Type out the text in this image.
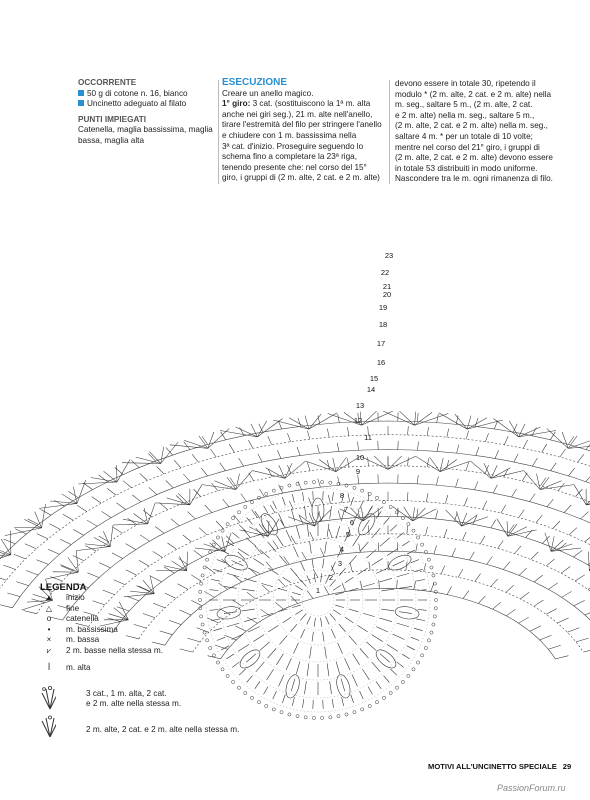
OCCORRENTE
50 g di cotone n. 16, bianco
Uncinetto adeguato al filato
PUNTI IMPIEGATI
Catenella, maglia bassissima, maglia
bassa, maglia alta
ESECUZIONE
Creare un anello magico.
1° giro: 3 cat. (sostituiscono la 1ª m. alta
anche nei giri seg.), 21 m. alte nell'anello,
tirare l'estremità del filo per stringere l'anello
e chiudere con 1 m. bassissima nella
3ª cat. d'inizio. Proseguire seguendo lo
schema fino a completare la 23ª riga,
tenendo presente che: nel corso del 15°
giro, i gruppi di (2 m. alte, 2 cat. e 2 m. alte)
devono essere in totale 30, ripetendo il
modulo * (2 m. alte, 2 cat. e 2 m. alte) nella
m. seg., saltare 5 m., (2 m. alte, 2 cat.
e 2 m. alte) nella m. seg., saltare 5 m.,
(2 m. alte, 2 cat. e 2 m. alte) nella m. seg.,
saltare 4 m. * per un totale di 10 volte;
mentre nel corso del 21° giro, i gruppi di
(2 m. alte, 2 cat. e 2 m. alte) devono essere
in totale 53 distribuiti in modo uniforme.
Nascondere tra le m. ogni rimanenza di filo.
1
2
3
4
5
6
7
8
9
10
11
12
13
14
15
16
17
18
19
20
21
22
23
LEGENDA
▲	inizio
△	fine
o	catenella
•	m. bassissima
×	m. bassa
⩗	2 m. basse nella stessa m.
ꟾ	m. alta
3 cat., 1 m. alta, 2 cat.
e 2 m. alte nella stessa m.
2 m. alte, 2 cat. e 2 m. alte nella stessa m.
MOTIVI ALL'UNCINETTO SPECIALE 29
PassionForum.ru
